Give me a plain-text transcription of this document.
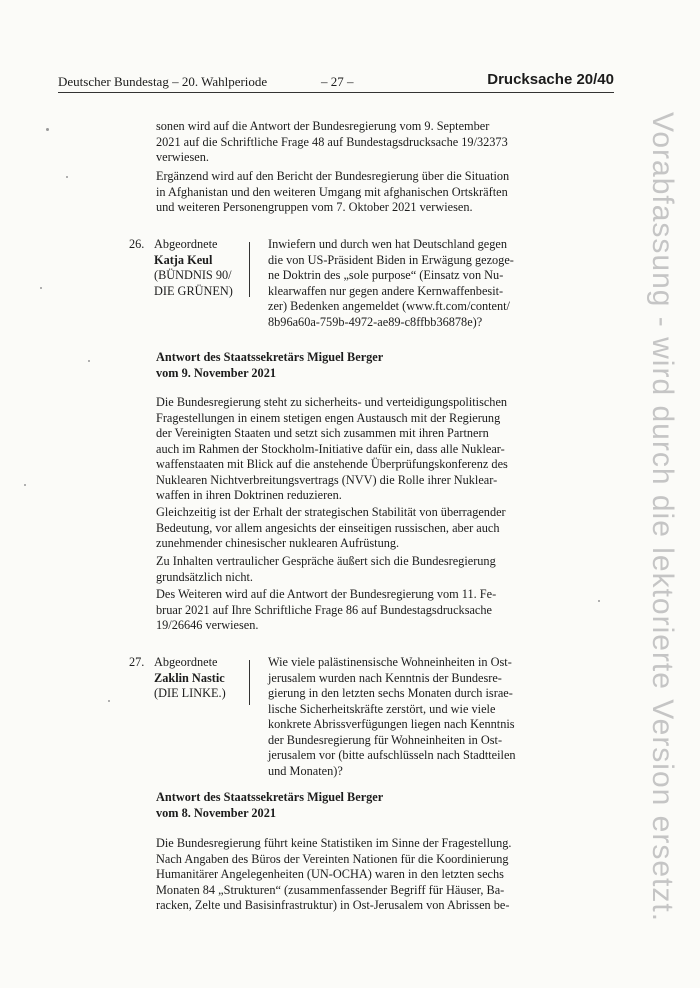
Deutscher Bundestag – 20. Wahlperiode	– 27 –	Drucksache 20/40
sonen wird auf die Antwort der Bundesregierung vom 9. September
2021 auf die Schriftliche Frage 48 auf Bundestagsdrucksache 19/32373
verwiesen.
Ergänzend wird auf den Bericht der Bundesregierung über die Situation
in Afghanistan und den weiteren Umgang mit afghanischen Ortskräften
und weiteren Personengruppen vom 7. Oktober 2021 verwiesen.
26. Abgeordnete
Katja Keul
(BÜNDNIS 90/
DIE GRÜNEN)
Inwiefern und durch wen hat Deutschland gegen
die von US-Präsident Biden in Erwägung gezoge-
ne Doktrin des „sole purpose“ (Einsatz von Nu-
klearwaffen nur gegen andere Kernwaffenbesit-
zer) Bedenken angemeldet (www.ft.com/content/
8b96a60a-759b-4972-ae89-c8ffbb36878e)?
Antwort des Staatssekretärs Miguel Berger
vom 9. November 2021
Die Bundesregierung steht zu sicherheits- und verteidigungspolitischen
Fragestellungen in einem stetigen engen Austausch mit der Regierung
der Vereinigten Staaten und setzt sich zusammen mit ihren Partnern
auch im Rahmen der Stockholm-Initiative dafür ein, dass alle Nuklear-
waffenstaaten mit Blick auf die anstehende Überprüfungskonferenz des
Nuklearen Nichtverbreitungsvertrags (NVV) die Rolle ihrer Nuklear-
waffen in ihren Doktrinen reduzieren.
Gleichzeitig ist der Erhalt der strategischen Stabilität von überragender
Bedeutung, vor allem angesichts der einseitigen russischen, aber auch
zunehmender chinesischer nuklearen Aufrüstung.
Zu Inhalten vertraulicher Gespräche äußert sich die Bundesregierung
grundsätzlich nicht.
Des Weiteren wird auf die Antwort der Bundesregierung vom 11. Fe-
bruar 2021 auf Ihre Schriftliche Frage 86 auf Bundestagsdrucksache
19/26646 verwiesen.
27. Abgeordnete
Zaklin Nastic
(DIE LINKE.)
Wie viele palästinensische Wohneinheiten in Ost-
jerusalem wurden nach Kenntnis der Bundesre-
gierung in den letzten sechs Monaten durch israe-
lische Sicherheitskräfte zerstört, und wie viele
konkrete Abrissverfügungen liegen nach Kenntnis
der Bundesregierung für Wohneinheiten in Ost-
jerusalem vor (bitte aufschlüsseln nach Stadtteilen
und Monaten)?
Antwort des Staatssekretärs Miguel Berger
vom 8. November 2021
Die Bundesregierung führt keine Statistiken im Sinne der Fragestellung.
Nach Angaben des Büros der Vereinten Nationen für die Koordinierung
Humanitärer Angelegenheiten (UN-OCHA) waren in den letzten sechs
Monaten 84 „Strukturen“ (zusammenfassender Begriff für Häuser, Ba-
racken, Zelte und Basisinfrastruktur) in Ost-Jerusalem von Abrissen be-	Vorabfassung - wird durch die lektorierte Version ersetzt.
